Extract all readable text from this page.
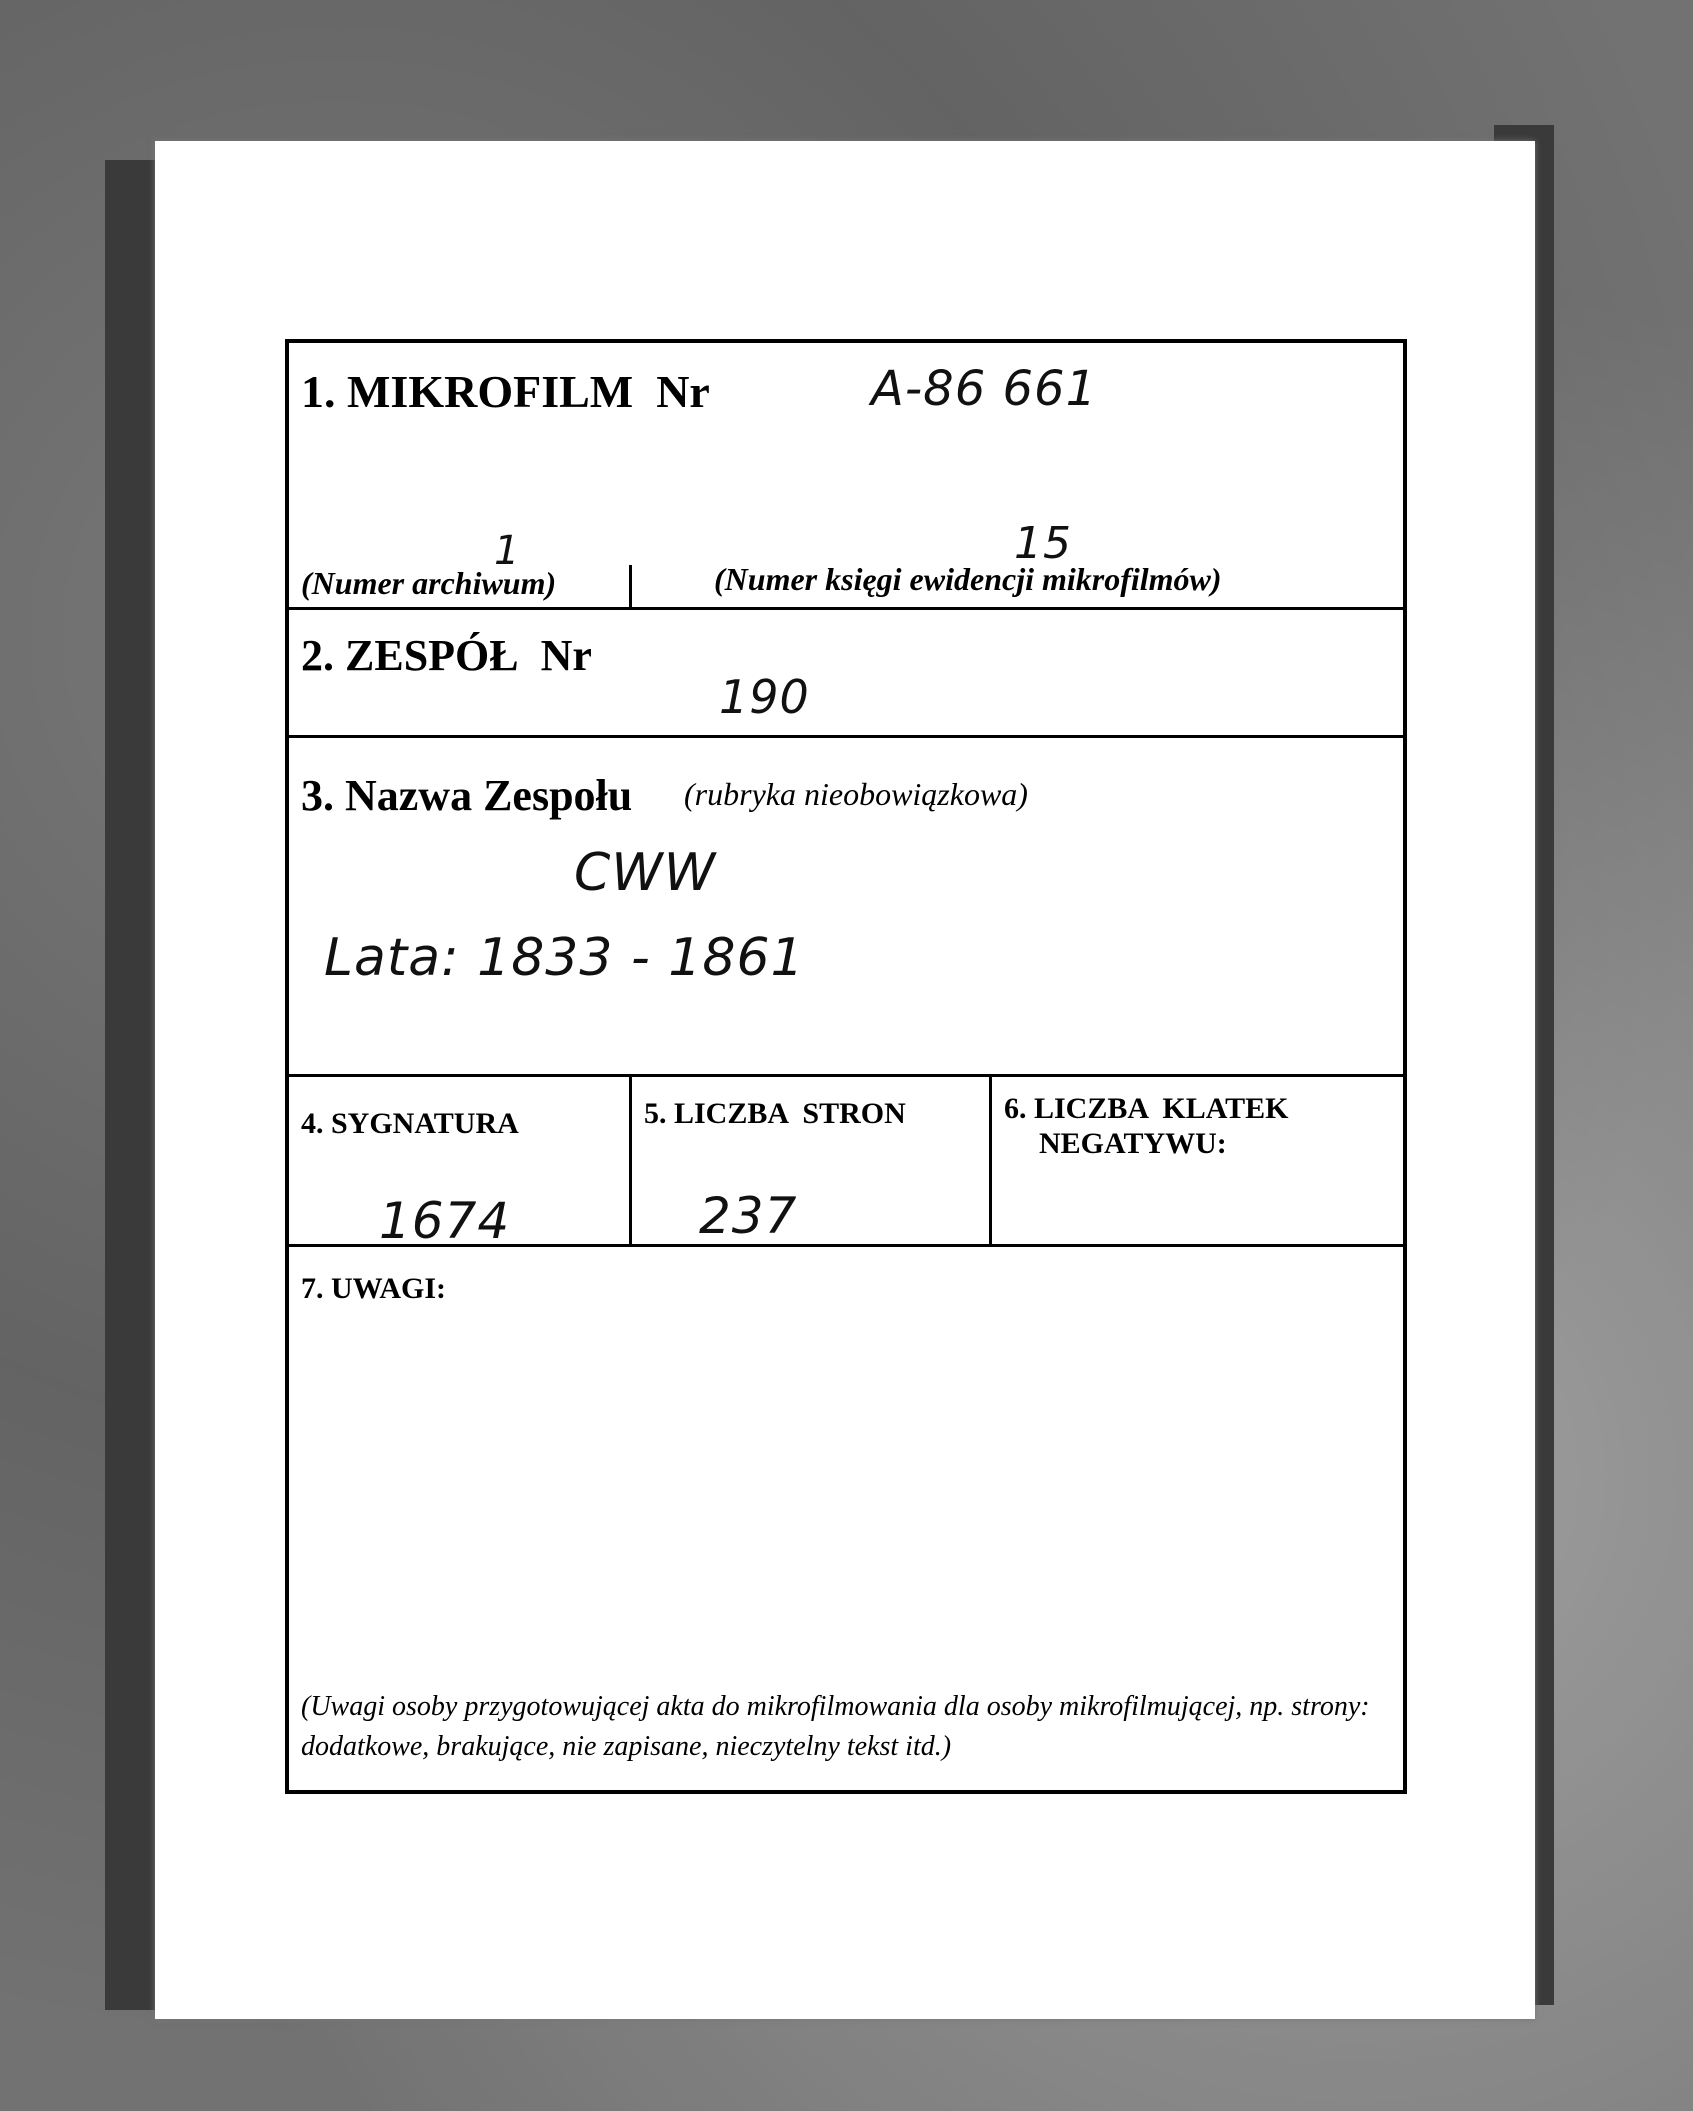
1. MIKROFILM  Nr	A-86 661
1
(Numer archiwum)
15
(Numer księgi ewidencji mikrofilmów)
2. ZESPÓŁ  Nr
190
3. Nazwa Zespołu (rubryka nieobowiązkowa)
CWW
Lata: 1833 - 1861
4. SYGNATURA
1674
5. LICZBA  STRON
237
6. LICZBA  KLATEK
NEGATYWU:
7. UWAGI:
(Uwagi osoby przygotowującej akta do mikrofilmowania dla osoby mikrofilmującej, np. strony: dodatkowe, brakujące, nie zapisane, nieczytelny tekst itd.)
